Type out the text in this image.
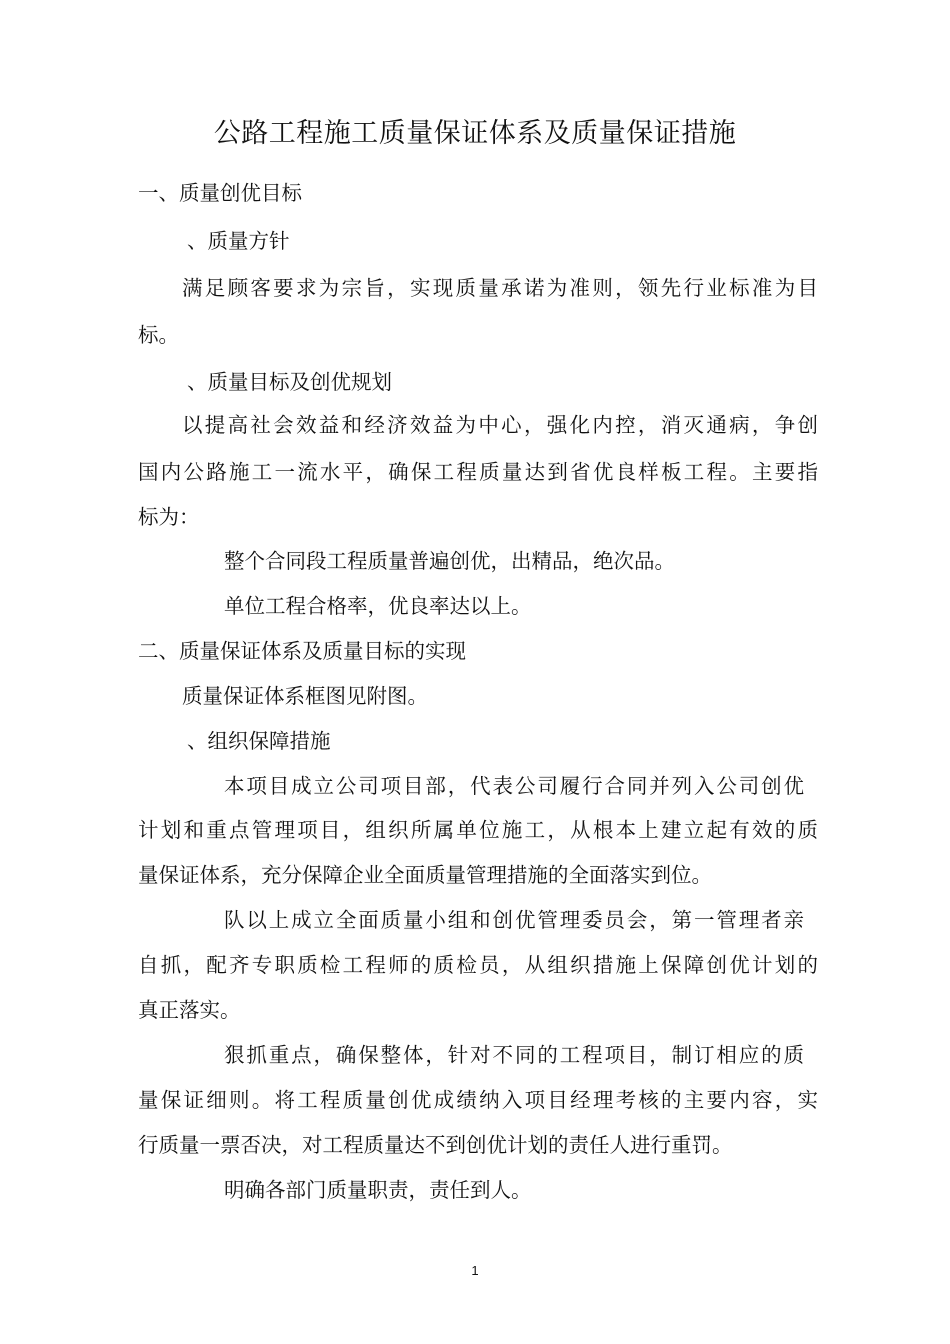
公路工程施工质量保证体系及质量保证措施

一、质量创优目标

、质量方针

满足顾客要求为宗旨，实现质量承诺为准则，领先行业标准为目

标。

、质量目标及创优规划

以提高社会效益和经济效益为中心，强化内控，消灭通病，争创

国内公路施工一流水平，确保工程质量达到省优良样板工程。主要指

标为：

整个合同段工程质量普遍创优，出精品，绝次品。

单位工程合格率，优良率达以上。

二、质量保证体系及质量目标的实现

质量保证体系框图见附图。

、组织保障措施

本项目成立公司项目部，代表公司履行合同并列入公司创优

计划和重点管理项目，组织所属单位施工，从根本上建立起有效的质

量保证体系，充分保障企业全面质量管理措施的全面落实到位。

队以上成立全面质量小组和创优管理委员会，第一管理者亲

自抓，配齐专职质检工程师的质检员，从组织措施上保障创优计划的

真正落实。

狠抓重点，确保整体，针对不同的工程项目，制订相应的质

量保证细则。将工程质量创优成绩纳入项目经理考核的主要内容，实

行质量一票否决，对工程质量达不到创优计划的责任人进行重罚。

明确各部门质量职责，责任到人。

1
